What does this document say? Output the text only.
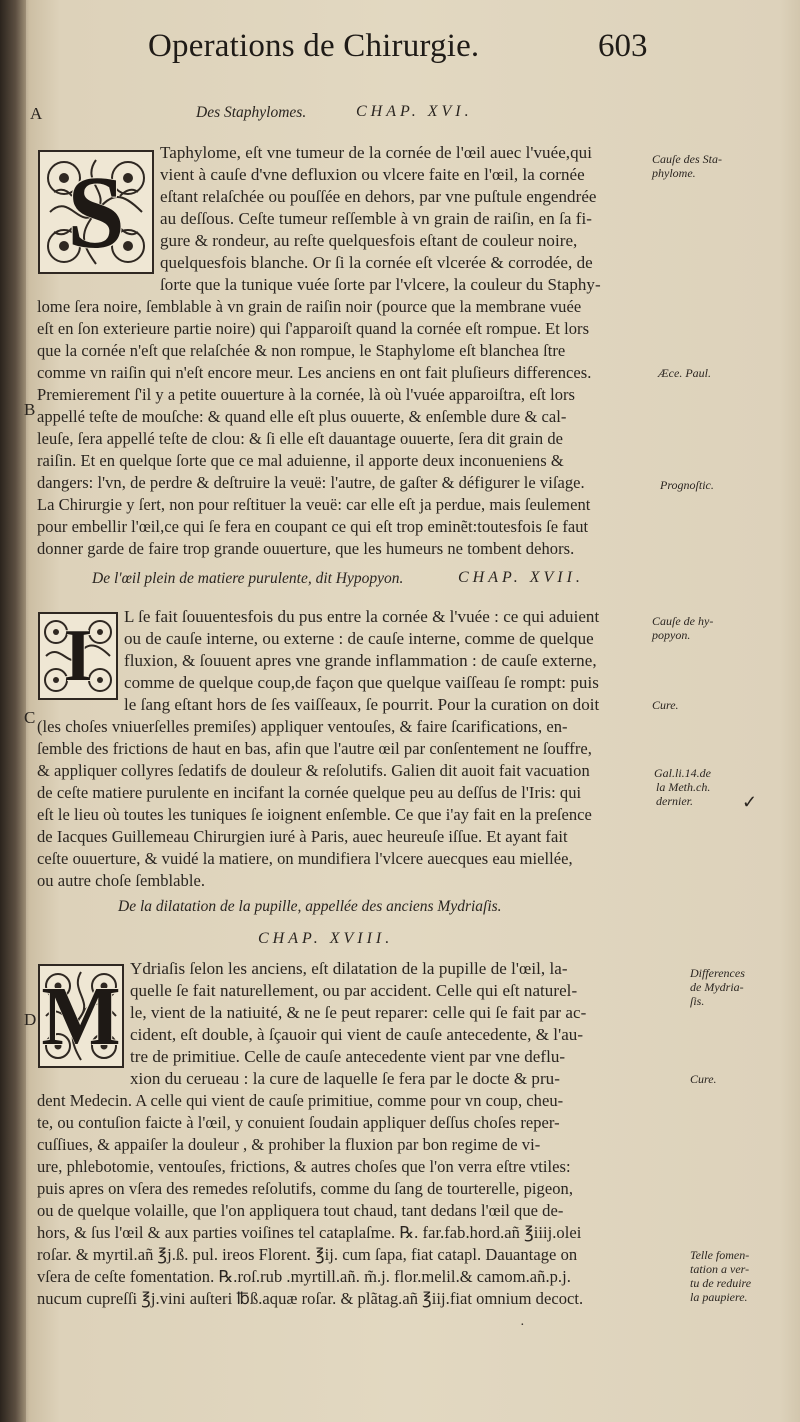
Operations de Chirurgie.	603
A
B
C
D
Des Staphylomes.	CHAP. XVI.
S
Taphylome, eſt vne tumeur de la cornée de l'œil auec l'vuée,qui
vient à cauſe d'vne defluxion ou vlcere faite en l'œil, la cornée
eſtant relaſchée ou pouſſée en dehors, par vne puſtule engendrée
au deſſous. Ceſte tumeur reſſemble à vn grain de raiſin, en ſa fi-
gure & rondeur, au reſte quelquesfois eſtant de couleur noire,
quelquesfois blanche. Or ſi la cornée eſt vlcerée & corrodée, de
ſorte que la tunique vuée ſorte par l'vlcere, la couleur du Staphy-
lome ſera noire, ſemblable à vn grain de raiſin noir (pource que la membrane vuée
eſt en ſon exterieure partie noire) qui ſ'apparoiſt quand la cornée eſt rompue. Et lors
que la cornée n'eſt que relaſchée & non rompue, le Staphylome eſt blanchea ſtre
comme vn raiſin qui n'eſt encore meur. Les anciens en ont fait pluſieurs differences.
Premierement ſ'il y a petite ouuerture à la cornée, là où l'vuée apparoiſtra, eſt lors
appellé teſte de mouſche: & quand elle eſt plus ouuerte, & enſemble dure & cal-
leuſe, ſera appellé teſte de clou: & ſi elle eſt dauantage ouuerte, ſera dit grain de
raiſin. Et en quelque ſorte que ce mal aduienne, il apporte deux inconueniens &
dangers: l'vn, de perdre & deſtruire la veuë: l'autre, de gaſter & défigurer le viſage.
La Chirurgie y ſert, non pour reſtituer la veuë: car elle eſt ja perdue, mais ſeulement
pour embellir l'œil,ce qui ſe fera en coupant ce qui eſt trop eminẽt:toutesfois ſe faut
donner garde de faire trop grande ouuerture, que les humeurs ne tombent dehors.
Cauſe des Sta-
phylome.
Æce. Paul.
Prognoſtic.
De l'œil plein de matiere purulente, dit Hypopyon.	CHAP. XVII.
I	L ſe fait ſouuentesfois du pus entre la cornée & l'vuée : ce qui aduient
ou de cauſe interne, ou externe : de cauſe interne, comme de quelque
fluxion, & ſouuent apres vne grande inflammation : de cauſe externe,
comme de quelque coup,de façon que quelque vaiſſeau ſe rompt: puis
le ſang eſtant hors de ſes vaiſſeaux, ſe pourrit. Pour la curation on doit
(les choſes vniuerſelles premiſes) appliquer ventouſes, & faire ſcarifications, en-
ſemble des frictions de haut en bas, afin que l'autre œil par conſentement ne ſouffre,
& appliquer collyres ſedatifs de douleur & reſolutifs. Galien dit auoit fait vacuation
de ceſte matiere purulente en incifant la cornée quelque peu au deſſus de l'Iris: qui
eſt le lieu où toutes les tuniques ſe ioignent enſemble. Ce que i'ay fait en la preſence
de Iacques Guillemeau Chirurgien iuré à Paris, auec heureuſe iſſue. Et ayant fait
ceſte ouuerture, & vuidé la matiere, on mundifiera l'vlcere auecques eau miellée,
ou autre choſe ſemblable.
Cauſe de hy-
popyon.
Cure.
Gal.li.14.de
la Meth.ch.
dernier.	✓
De la dilatation de la pupille, appellée des anciens Mydriaſis.
CHAP. XVIII.
M
Ydriaſis ſelon les anciens, eſt dilatation de la pupille de l'œil, la-
quelle ſe fait naturellement, ou par accident. Celle qui eſt naturel-
le, vient de la natiuité, & ne ſe peut reparer: celle qui ſe fait par ac-
cident, eſt double, à ſçauoir qui vient de cauſe antecedente, & l'au-
tre de primitiue. Celle de cauſe antecedente vient par vne deflu-
xion du cerueau : la cure de laquelle ſe fera par le docte & pru-
dent Medecin. A celle qui vient de cauſe primitiue, comme pour vn coup, cheu-
te, ou contuſion faicte à l'œil, y conuient ſoudain appliquer deſſus choſes reper-
cuſſiues, & appaiſer la douleur , & prohiber la fluxion par bon regime de vi-
ure, phlebotomie, ventouſes, frictions, & autres choſes que l'on verra eſtre vtiles:
puis apres on vſera des remedes reſolutifs, comme du ſang de tourterelle, pigeon,
ou de quelque volaille, que l'on appliquera tout chaud, tant dedans l'œil que de-
hors, & ſus l'œil & aux parties voiſines tel cataplaſme. ℞. far.fab.hord.añ ℥iiij.olei
roſar. & myrtil.añ ℥j.ß. pul. ireos Florent. ℥ij. cum ſapa, fiat catapl. Dauantage on
vſera de ceſte fomentation. ℞.roſ.rub .myrtill.añ. m̃.j. flor.melil.& camom.añ.p.j.
nucum cupreſſi ℥j.vini auſteri ℔ß.aquæ roſar. & plãtag.añ ℥iij.fiat omnium decoct.
Differences
de Mydria-
ſis.
Cure.
Telle fomen-
tation a ver-
tu de reduire
la paupiere.
·
